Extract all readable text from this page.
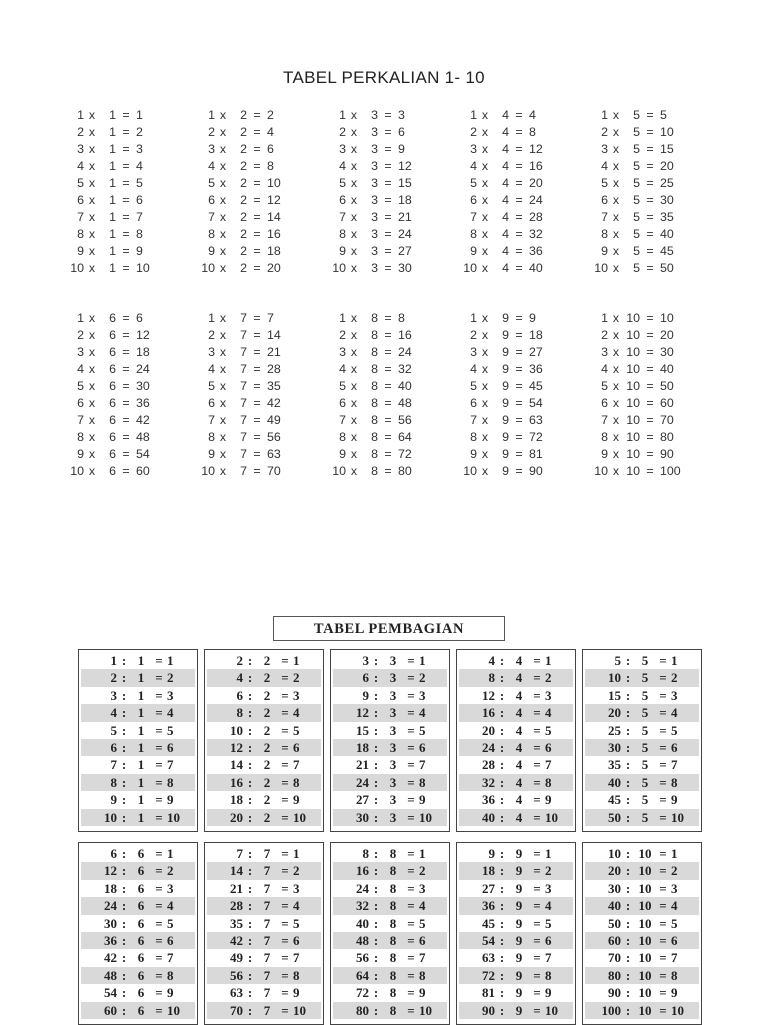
TABEL PERKALIAN 1- 10
1 x	1 = 1
2 x	1 = 2
3 x	1 = 3
4 x	1 = 4
5 x	1 = 5
6 x	1 = 6
7 x	1 = 7
8 x	1 = 8
9 x	1 = 9
10 x	1 = 10
1 x	2 = 2
2 x	2 = 4
3 x	2 = 6
4 x	2 = 8
5 x	2 = 10
6 x	2 = 12
7 x	2 = 14
8 x	2 = 16
9 x	2 = 18
10 x	2 = 20
1 x	3 = 3
2 x	3 = 6
3 x	3 = 9
4 x	3 = 12
5 x	3 = 15
6 x	3 = 18
7 x	3 = 21
8 x	3 = 24
9 x	3 = 27
10 x	3 = 30
1 x	4 = 4
2 x	4 = 8
3 x	4 = 12
4 x	4 = 16
5 x	4 = 20
6 x	4 = 24
7 x	4 = 28
8 x	4 = 32
9 x	4 = 36
10 x	4 = 40
1 x	5 = 5
2 x	5 = 10
3 x	5 = 15
4 x	5 = 20
5 x	5 = 25
6 x	5 = 30
7 x	5 = 35
8 x	5 = 40
9 x	5 = 45
10 x	5 = 50
1 x	6 = 6
2 x	6 = 12
3 x	6 = 18
4 x	6 = 24
5 x	6 = 30
6 x	6 = 36
7 x	6 = 42
8 x	6 = 48
9 x	6 = 54
10 x	6 = 60
1 x	7 = 7
2 x	7 = 14
3 x	7 = 21
4 x	7 = 28
5 x	7 = 35
6 x	7 = 42
7 x	7 = 49
8 x	7 = 56
9 x	7 = 63
10 x	7 = 70
1 x	8 = 8
2 x	8 = 16
3 x	8 = 24
4 x	8 = 32
5 x	8 = 40
6 x	8 = 48
7 x	8 = 56
8 x	8 = 64
9 x	8 = 72
10 x	8 = 80
1 x	9 = 9
2 x	9 = 18
3 x	9 = 27
4 x	9 = 36
5 x	9 = 45
6 x	9 = 54
7 x	9 = 63
8 x	9 = 72
9 x	9 = 81
10 x	9 = 90
1 x 10 = 10
2 x 10 = 20
3 x 10 = 30
4 x 10 = 40
5 x 10 = 50
6 x 10 = 60
7 x 10 = 70
8 x 10 = 80
9 x 10 = 90
10 x 10 = 100
TABEL PEMBAGIAN
1 : 1 = 1
2 : 1 = 2
3 : 1 = 3
4 : 1 = 4
5 : 1 = 5
6 : 1 = 6
7 : 1 = 7
8 : 1 = 8
9 : 1 = 9
10 : 1 = 10
2 : 2 = 1
4 : 2 = 2
6 : 2 = 3
8 : 2 = 4
10 : 2 = 5
12 : 2 = 6
14 : 2 = 7
16 : 2 = 8
18 : 2 = 9
20 : 2 = 10
3 : 3 = 1
6 : 3 = 2
9 : 3 = 3
12 : 3 = 4
15 : 3 = 5
18 : 3 = 6
21 : 3 = 7
24 : 3 = 8
27 : 3 = 9
30 : 3 = 10
4 : 4 = 1
8 : 4 = 2
12 : 4 = 3
16 : 4 = 4
20 : 4 = 5
24 : 4 = 6
28 : 4 = 7
32 : 4 = 8
36 : 4 = 9
40 : 4 = 10
5 : 5 = 1
10 : 5 = 2
15 : 5 = 3
20 : 5 = 4
25 : 5 = 5
30 : 5 = 6
35 : 5 = 7
40 : 5 = 8
45 : 5 = 9
50 : 5 = 10
6 : 6 = 1
12 : 6 = 2
18 : 6 = 3
24 : 6 = 4
30 : 6 = 5
36 : 6 = 6
42 : 6 = 7
48 : 6 = 8
54 : 6 = 9
60 : 6 = 10
7 : 7 = 1
14 : 7 = 2
21 : 7 = 3
28 : 7 = 4
35 : 7 = 5
42 : 7 = 6
49 : 7 = 7
56 : 7 = 8
63 : 7 = 9
70 : 7 = 10
8 : 8 = 1
16 : 8 = 2
24 : 8 = 3
32 : 8 = 4
40 : 8 = 5
48 : 8 = 6
56 : 8 = 7
64 : 8 = 8
72 : 8 = 9
80 : 8 = 10
9 : 9 = 1
18 : 9 = 2
27 : 9 = 3
36 : 9 = 4
45 : 9 = 5
54 : 9 = 6
63 : 9 = 7
72 : 9 = 8
81 : 9 = 9
90 : 9 = 10
10 : 10 = 1
20 : 10 = 2
30 : 10 = 3
40 : 10 = 4
50 : 10 = 5
60 : 10 = 6
70 : 10 = 7
80 : 10 = 8
90 : 10 = 9
100 : 10 = 10
